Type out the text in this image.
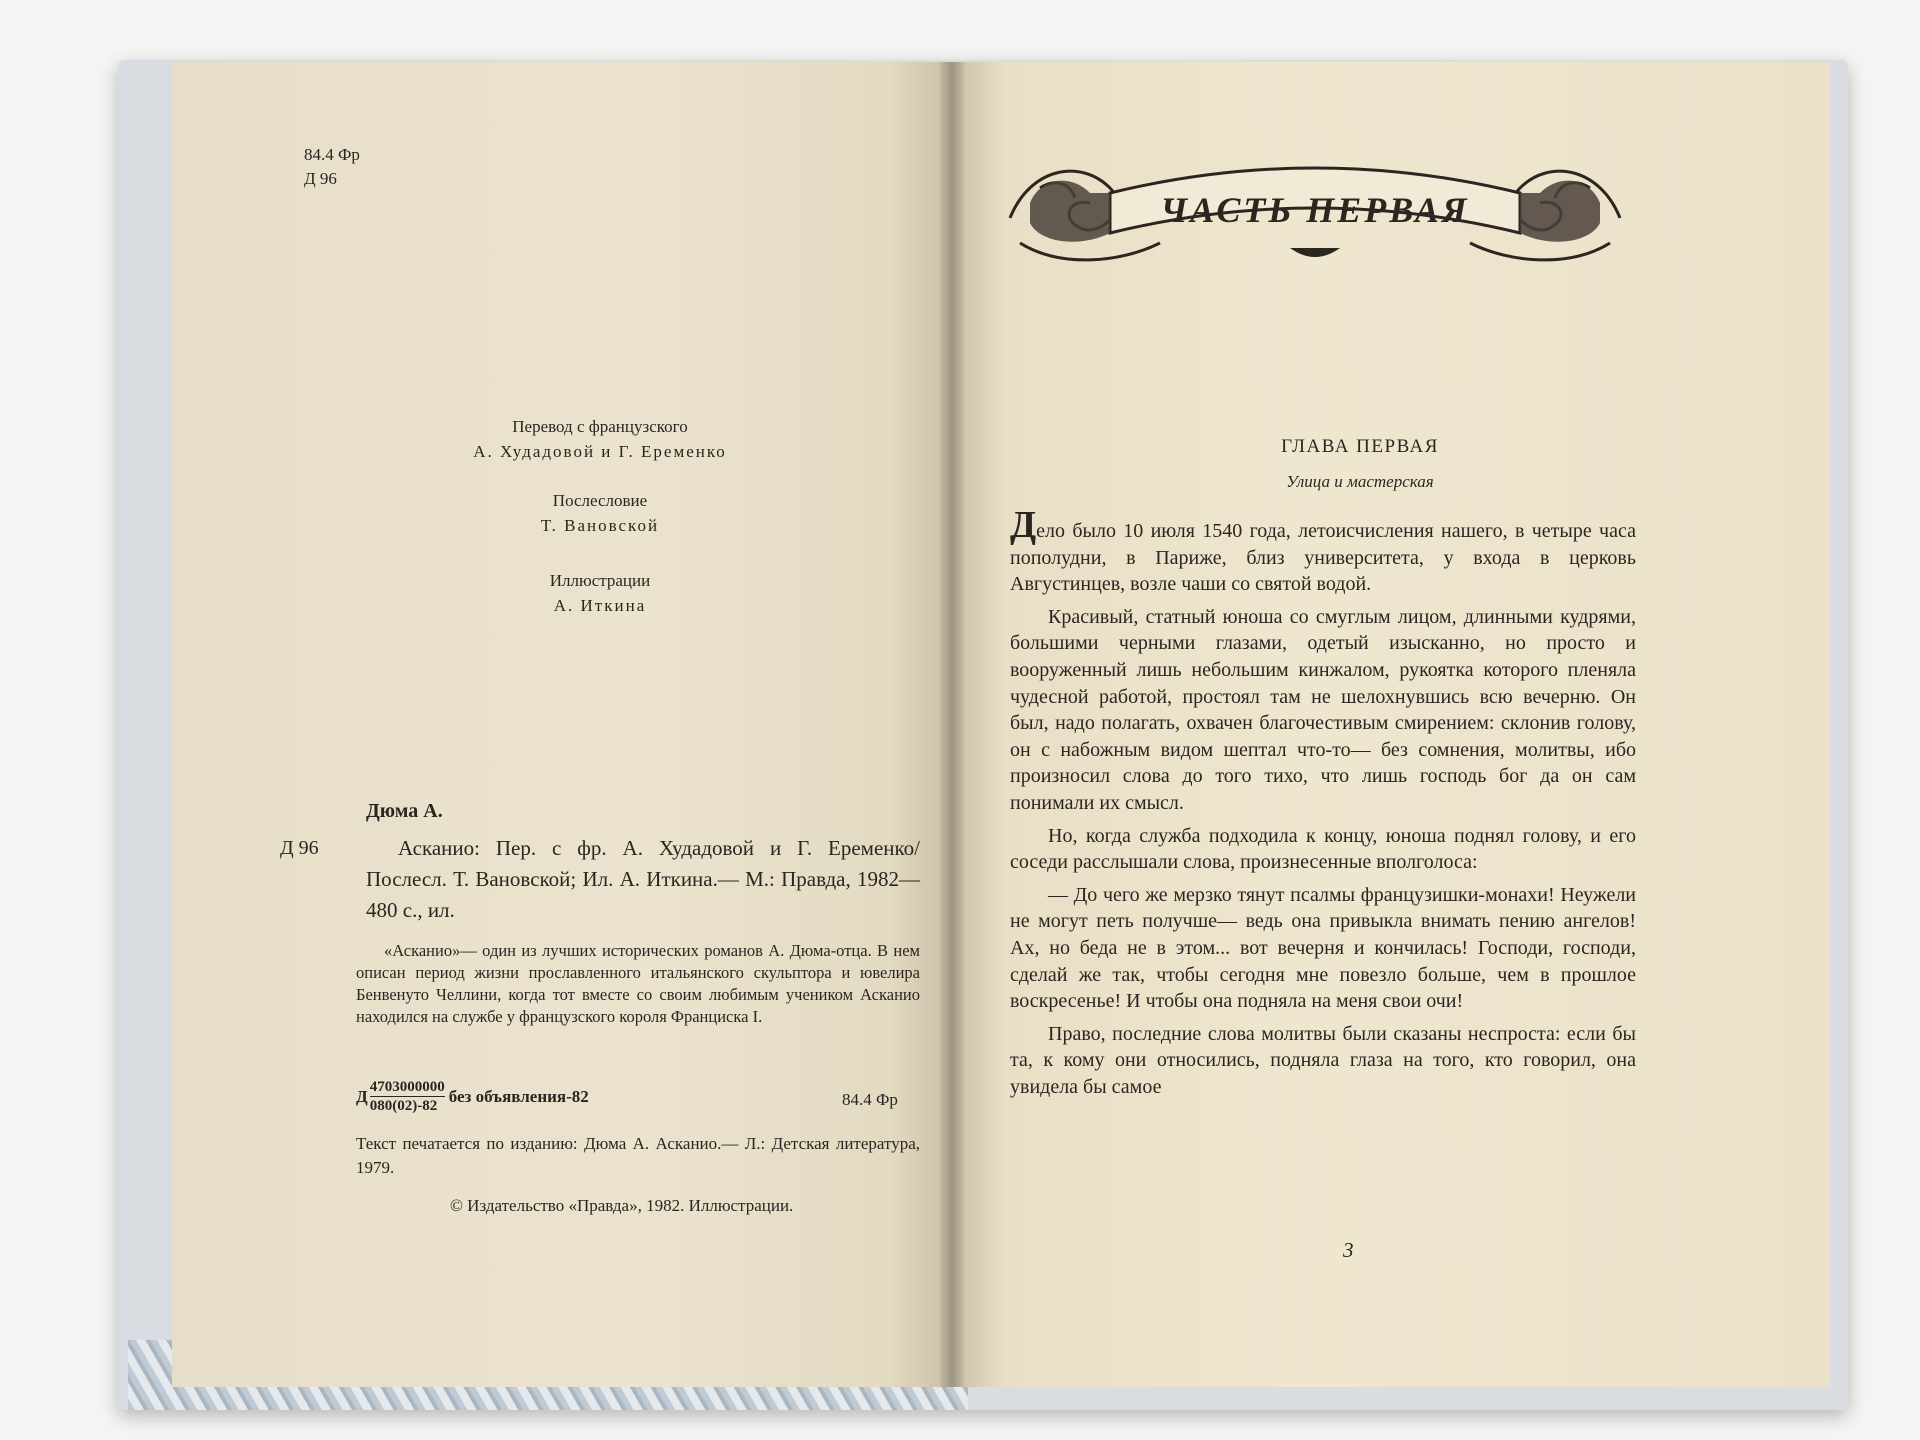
84.4 Фр
Д 96
Перевод с французского
А. Худадовой и Г. Еременко
Послесловие
Т. Вановской
Иллюстрации
А. Иткина
Дюма А.
Д 96	Асканио: Пер. с фр. А. Худадовой и Г. Еременко/ Послесл. Т. Вановской; Ил. А. Иткина.— М.: Правда, 1982— 480 с., ил.
«Асканио»— один из лучших исторических романов А. Дюма-отца. В нем описан период жизни прославленного итальянского скульптора и ювелира Бенвенуто Челлини, когда тот вместе со своим любимым учеником Асканио находился на службе у французского короля Франциска I.
Д $\frac{4703000000}{080(02)-82}$ без объявления-82	84.4 Фр
Текст печатается по изданию: Дюма А. Асканио.— Л.: Детская литература, 1979.
© Издательство «Правда», 1982. Иллюстрации.
ЧАСТЬ ПЕРВАЯ
ГЛАВА ПЕРВАЯ
Улица и мастерская

Дело было 10 июля 1540 года, летоисчисления нашего, в четыре часа пополудни, в Париже, близ университета, у входа в церковь Августинцев, возле чаши со святой водой.

Красивый, статный юноша со смуглым лицом, длинными кудрями, большими черными глазами, одетый изысканно, но просто и вооруженный лишь небольшим кинжалом, рукоятка которого пленяла чудесной работой, простоял там не шелохнувшись всю вечерню. Он был, надо полагать, охвачен благочестивым смирением: склонив голову, он с набожным видом шептал что-то— без сомнения, молитвы, ибо произносил слова до того тихо, что лишь господь бог да он сам понимали их смысл.

Но, когда служба подходила к концу, юноша поднял голову, и его соседи расслышали слова, произнесенные вполголоса:

— До чего же мерзко тянут псалмы французишки-монахи! Неужели не могут петь получше— ведь она привыкла внимать пению ангелов! Ах, но беда не в этом... вот вечерня и кончилась! Господи, господи, сделай же так, чтобы сегодня мне повезло больше, чем в прошлое воскресенье! И чтобы она подняла на меня свои очи!

Право, последние слова молитвы были сказаны неспроста: если бы та, к кому они относились, подняла глаза на того, кто говорил, она увидела бы самое

3
